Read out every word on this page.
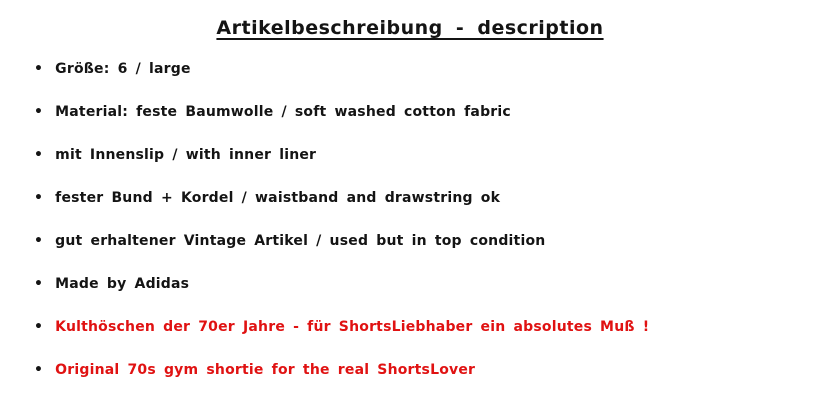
Artikelbeschreibung - description
• Größe: 6 / large
• Material: feste Baumwolle / soft washed cotton fabric
• mit Innenslip / with inner liner
• fester Bund + Kordel / waistband and drawstring ok
• gut erhaltener Vintage Artikel / used but in top condition
• Made by Adidas
• Kulthöschen der 70er Jahre - für ShortsLiebhaber ein absolutes Muß !
• Original 70s gym shortie for the real ShortsLover
